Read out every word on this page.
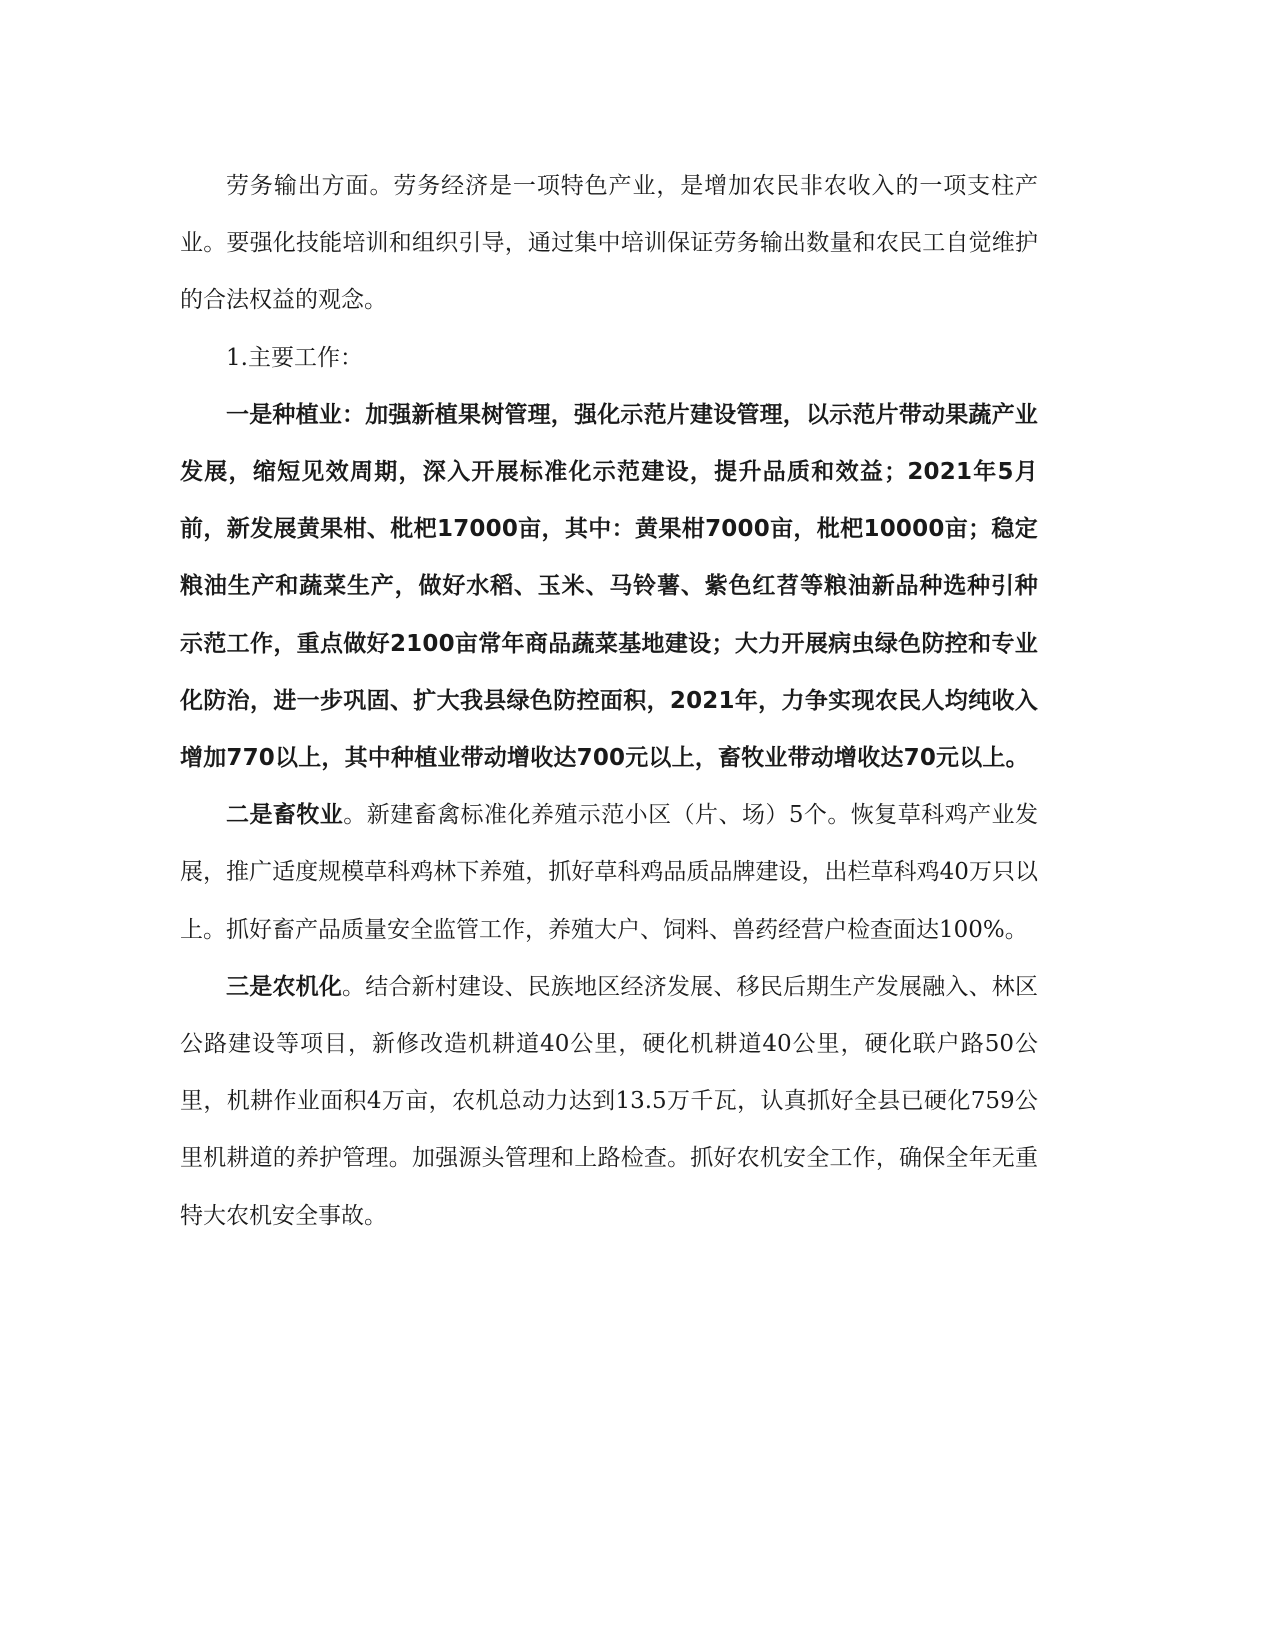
劳务输出方面。劳务经济是一项特色产业，是增加农民非农收入的一项支柱产业。要强化技能培训和组织引导，通过集中培训保证劳务输出数量和农民工自觉维护的合法权益的观念。

1.主要工作：

一是种植业：加强新植果树管理，强化示范片建设管理，以示范片带动果蔬产业发展，缩短见效周期，深入开展标准化示范建设，提升品质和效益；2021年5月前，新发展黄果柑、枇杷17000亩，其中：黄果柑7000亩，枇杷10000亩；稳定粮油生产和蔬菜生产，做好水稻、玉米、马铃薯、紫色红苕等粮油新品种选种引种示范工作，重点做好2100亩常年商品蔬菜基地建设；大力开展病虫绿色防控和专业化防治，进一步巩固、扩大我县绿色防控面积，2021年，力争实现农民人均纯收入增加770以上，其中种植业带动增收达700元以上，畜牧业带动增收达70元以上。

二是畜牧业。新建畜禽标准化养殖示范小区（片、场）5个。恢复草科鸡产业发展，推广适度规模草科鸡林下养殖，抓好草科鸡品质品牌建设，出栏草科鸡40万只以上。抓好畜产品质量安全监管工作，养殖大户、饲料、兽药经营户检查面达100%。

三是农机化。结合新村建设、民族地区经济发展、移民后期生产发展融入、林区公路建设等项目，新修改造机耕道40公里，硬化机耕道40公里，硬化联户路50公里，机耕作业面积4万亩，农机总动力达到13.5万千瓦，认真抓好全县已硬化759公里机耕道的养护管理。加强源头管理和上路检查。抓好农机安全工作，确保全年无重特大农机安全事故。
